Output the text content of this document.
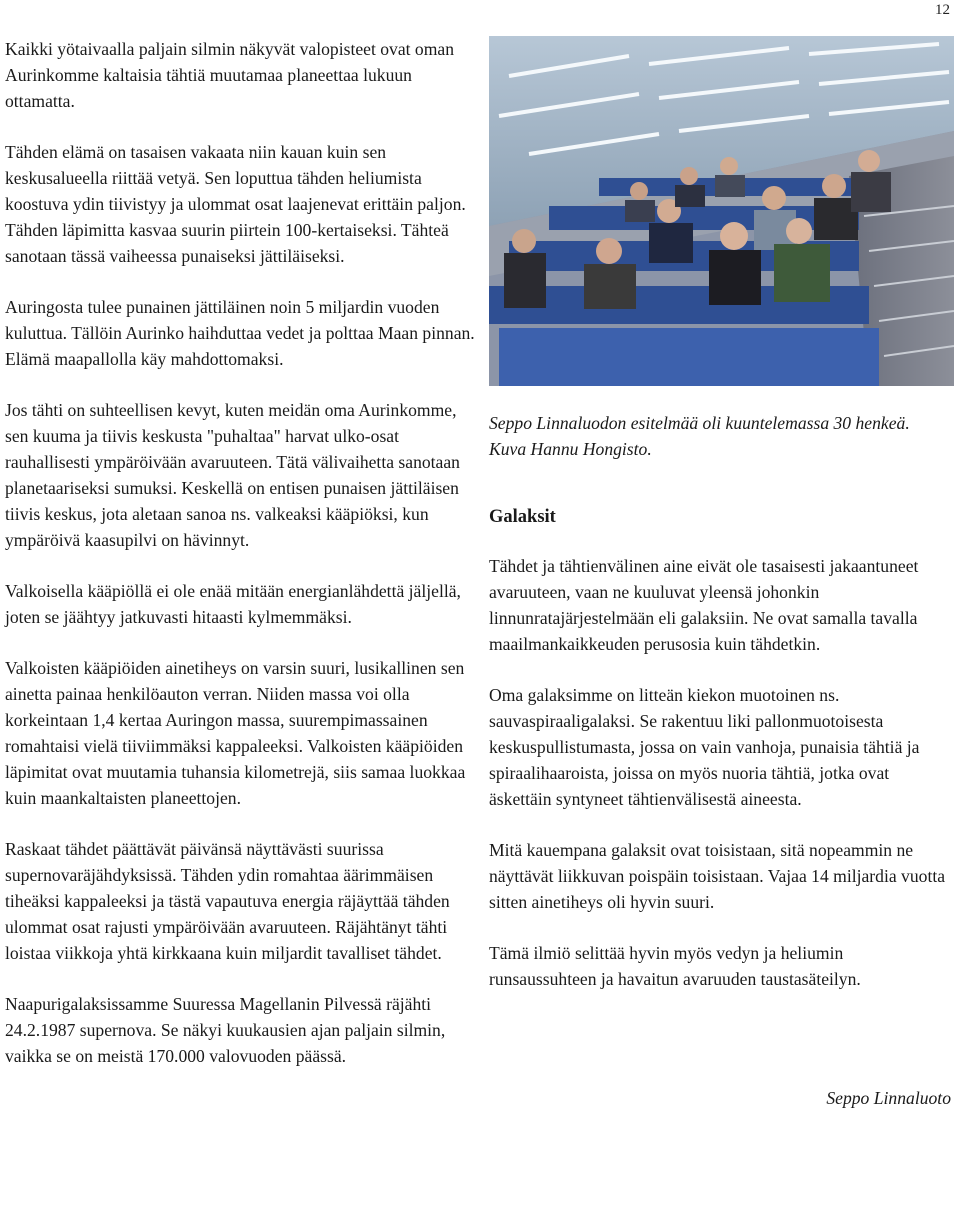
12

Kaikki yötaivaalla paljain silmin näkyvät valopisteet ovat oman Aurinkomme kaltaisia tähtiä muutamaa planeettaa lukuun ottamatta.

Tähden elämä on tasaisen vakaata niin kauan kuin sen keskusalueella riittää vetyä. Sen loputtua tähden heliumista koostuva ydin tiivistyy ja ulommat osat laajenevat erittäin paljon. Tähden läpimitta kasvaa suurin piirtein 100-kertaiseksi. Tähteä sanotaan tässä vaiheessa punaiseksi jättiläiseksi.

Auringosta tulee punainen jättiläinen noin 5 miljardin vuoden kuluttua. Tällöin Aurinko haihduttaa vedet ja polttaa Maan pinnan. Elämä maapallolla käy mahdottomaksi.

Jos tähti on suhteellisen kevyt, kuten meidän oma Aurinkomme, sen kuuma ja tiivis keskusta "puhaltaa" harvat ulko-osat rauhallisesti ympäröivään avaruuteen. Tätä välivaihetta sanotaan planetaariseksi sumuksi. Keskellä on entisen punaisen jättiläisen tiivis keskus, jota aletaan sanoa ns. valkeaksi kääpiöksi, kun ympäröivä kaasupilvi on hävinnyt.

Valkoisella kääpiöllä ei ole enää mitään energianlähdettä jäljellä, joten se jäähtyy jatkuvasti hitaasti kylmemmäksi.

Valkoisten kääpiöiden ainetiheys on varsin suuri, lusikallinen sen ainetta painaa henkilöauton verran. Niiden massa voi olla korkeintaan 1,4 kertaa Auringon massa, suurempimassainen romahtaisi vielä tiiviimmäksi kappaleeksi. Valkoisten kääpiöiden läpimitat ovat muutamia tuhansia kilometrejä, siis samaa luokkaa kuin maankaltaisten planeettojen.

Raskaat tähdet päättävät päivänsä näyttävästi suurissa supernovaräjähdyksissä. Tähden ydin romahtaa äärimmäisen tiheäksi kappaleeksi ja tästä vapautuva energia räjäyttää tähden ulommat osat rajusti ympäröivään avaruuteen. Räjähtänyt tähti loistaa viikkoja yhtä kirkkaana kuin miljardit tavalliset tähdet.

Naapurigalaksissamme Suuressa Magellanin Pilvessä räjähti 24.2.1987 supernova. Se näkyi kuukausien ajan paljain silmin, vaikka se on meistä 170.000 valovuoden päässä.

Seppo Linnaluodon esitelmää oli kuuntelemassa 30 henkeä. Kuva Hannu Hongisto.
Galaksit

Tähdet ja tähtienvälinen aine eivät ole tasaisesti jakaantuneet avaruuteen, vaan ne kuuluvat yleensä johonkin linnunratajärjestelmään eli galaksiin. Ne ovat samalla tavalla maailmankaikkeuden perusosia kuin tähdetkin.

Oma galaksimme on litteän kiekon muotoinen ns. sauvaspiraaligalaksi. Se rakentuu liki pallonmuotoisesta keskuspullistumasta, jossa on vain vanhoja, punaisia tähtiä ja spiraalihaaroista, joissa on myös nuoria tähtiä, jotka ovat äskettäin syntyneet tähtienvälisestä aineesta.

Mitä kauempana galaksit ovat toisistaan, sitä nopeammin ne näyttävät liikkuvan poispäin toisistaan. Vajaa 14 miljardia vuotta sitten ainetiheys oli hyvin suuri.

Tämä ilmiö selittää hyvin myös vedyn ja heliumin runsaussuhteen ja havaitun avaruuden taustasäteilyn.

Seppo Linnaluoto
